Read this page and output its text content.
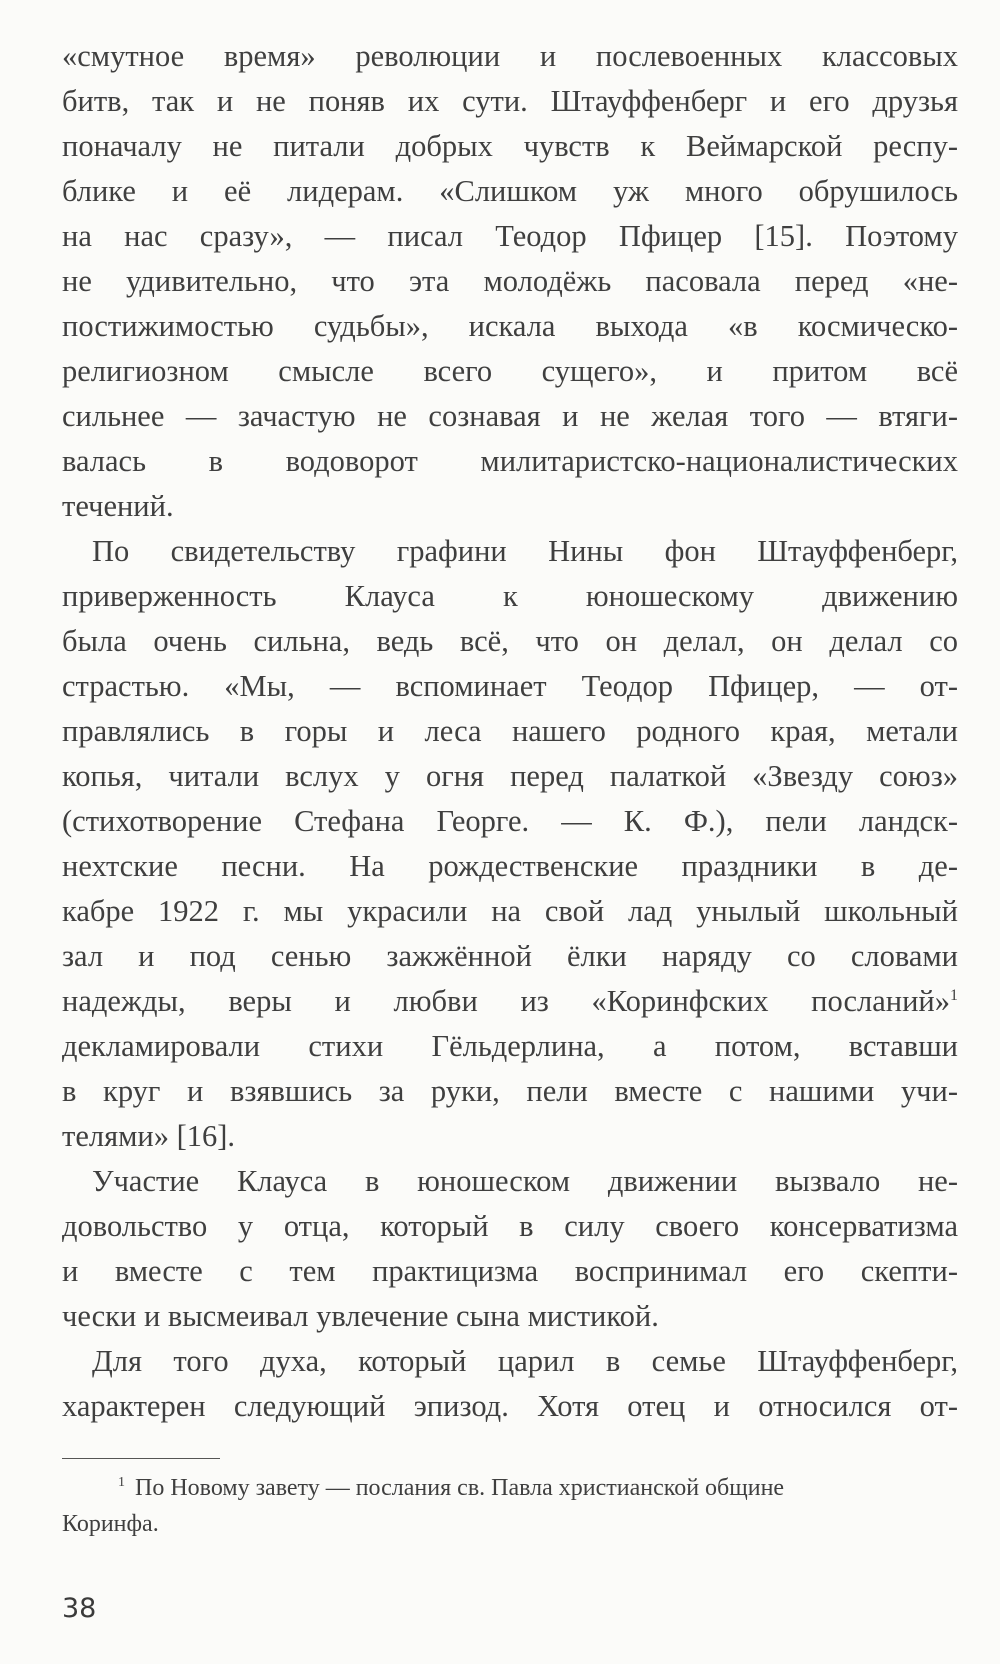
«смутное время» революции и послевоенных классовых
битв, так и не поняв их сути. Штауффенберг и его друзья
поначалу не питали добрых чувств к Веймарской респу-
блике и её лидерам. «Слишком уж много обрушилось
на нас сразу», — писал Теодор Пфицер [15]. Поэтому
не удивительно, что эта молодёжь пасовала перед «не-
постижимостью судьбы», искала выхода «в космическо-
религиозном смысле всего сущего», и притом всё
сильнее — зачастую не сознавая и не желая того — втяги-
валась в водоворот милитаристско-националистических
течений.
По свидетельству графини Нины фон Штауффенберг,
приверженность Клауса к юношескому движению
была очень сильна, ведь всё, что он делал, он делал со
страстью. «Мы, — вспоминает Теодор Пфицер, — от-
правлялись в горы и леса нашего родного края, метали
копья, читали вслух у огня перед палаткой «Звезду союз»
(стихотворение Стефана Георге. — К. Ф.), пели ландск-
нехтские песни. На рождественские праздники в де-
кабре 1922 г. мы украсили на свой лад унылый школьный
зал и под сенью зажжённой ёлки наряду со словами
надежды, веры и любви из «Коринфских посланий»$^1$
декламировали стихи Гёльдерлина, а потом, вставши
в круг и взявшись за руки, пели вместе с нашими учи-
телями» [16].
Участие Клауса в юношеском движении вызвало не-
довольство у отца, который в силу своего консерватизма
и вместе с тем практицизма воспринимал его скепти-
чески и высмеивал увлечение сына мистикой.
Для того духа, который царил в семье Штауффенберг,
характерен следующий эпизод. Хотя отец и относился от-
$^1$ По Новому завету — послания св. Павла христианской общине
Коринфа.
38
